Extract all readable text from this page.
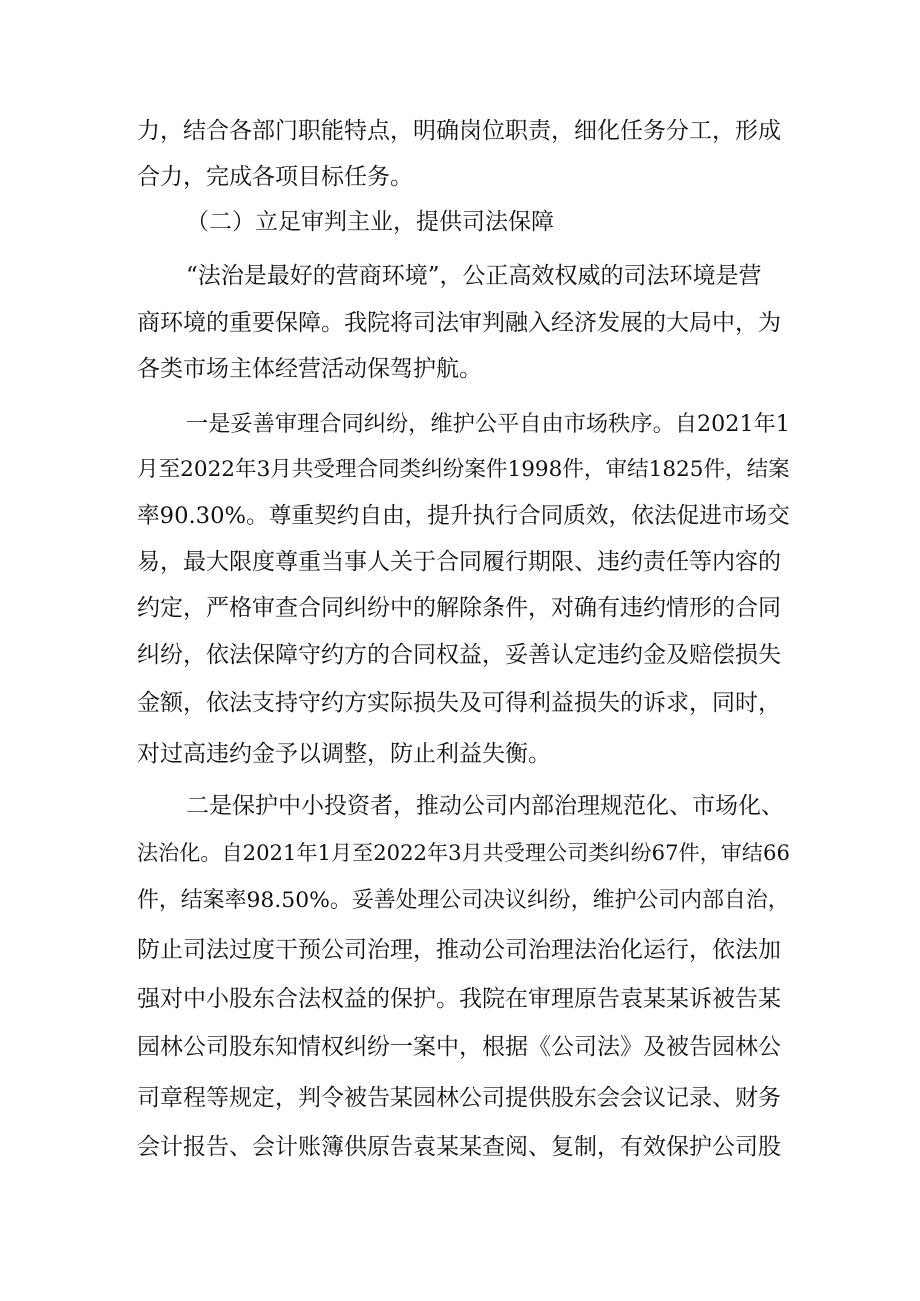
力，结合各部门职能特点，明确岗位职责，细化任务分工，形成

合力，完成各项目标任务。

（二）立足审判主业，提供司法保障

“法治是最好的营商环境”，公正高效权威的司法环境是营

商环境的重要保障。我院将司法审判融入经济发展的大局中，为

各类市场主体经营活动保驾护航。

一是妥善审理合同纠纷，维护公平自由市场秩序。自2021年1

月至2022年3月共受理合同类纠纷案件1998件，审结1825件，结案

率90.30%。尊重契约自由，提升执行合同质效，依法促进市场交

易，最大限度尊重当事人关于合同履行期限、违约责任等内容的

约定，严格审查合同纠纷中的解除条件，对确有违约情形的合同

纠纷，依法保障守约方的合同权益，妥善认定违约金及赔偿损失

金额，依法支持守约方实际损失及可得利益损失的诉求，同时，

对过高违约金予以调整，防止利益失衡。

二是保护中小投资者，推动公司内部治理规范化、市场化、

法治化。自2021年1月至2022年3月共受理公司类纠纷67件，审结66

件，结案率98.50%。妥善处理公司决议纠纷，维护公司内部自治，

防止司法过度干预公司治理，推动公司治理法治化运行，依法加

强对中小股东合法权益的保护。我院在审理原告袁某某诉被告某

园林公司股东知情权纠纷一案中，根据《公司法》及被告园林公

司章程等规定，判令被告某园林公司提供股东会会议记录、财务

会计报告、会计账簿供原告袁某某查阅、复制，有效保护公司股
